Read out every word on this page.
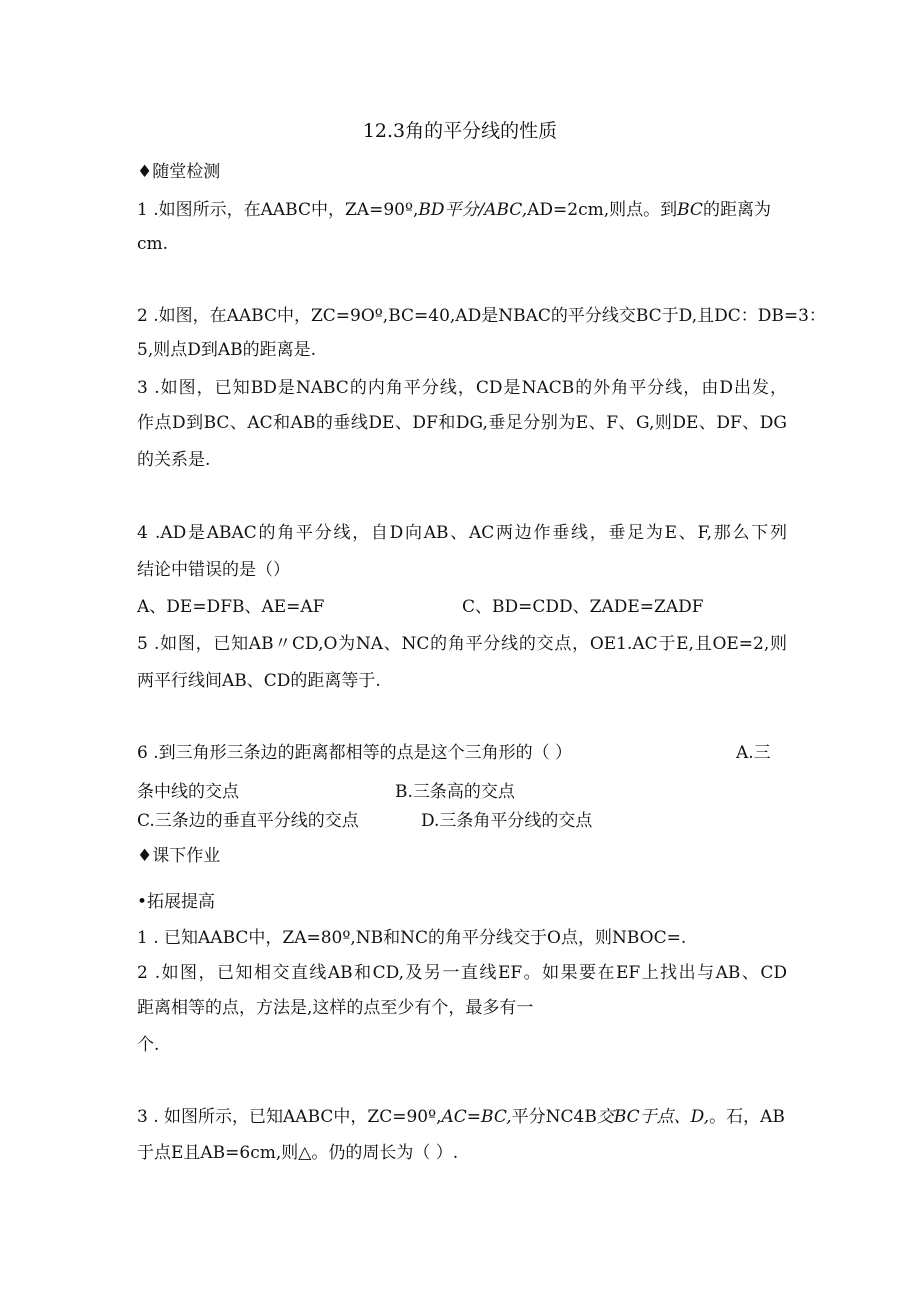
12.3角的平分线的性质
♦随堂检测
1 .如图所示，在AABC中，ZA=90º,BD平分/ABC,AD=2cm,则点。到BC的距离为
cm.
2 .如图，在AABC中，ZC=9Oº,BC=40,AD是NBAC的平分线交BC于D,且DC：DB=3：
5,则点D到AB的距离是.
3 .如图，已知BD是NABC的内角平分线，CD是NACB的外角平分线，由D出发，
作点D到BC、AC和AB的垂线DE、DF和DG,垂足分别为E、F、G,则DE、DF、DG
的关系是.
4 .AD是ABAC的角平分线，自D向AB、AC两边作垂线，垂足为E、F,那么下列
结论中错误的是（）
A、DE=DFB、AE=AF	C、BD=CDD、ZADE=ZADF
5 .如图，已知AB〃CD,O为NA、NC的角平分线的交点，OE1.AC于E,且OE=2,则
两平行线间AB、CD的距离等于.
6 .到三角形三条边的距离都相等的点是这个三角形的（ ）	A.三
条中线的交点	B.三条高的交点
C.三条边的垂直平分线的交点	D.三条角平分线的交点
♦课下作业
•拓展提高
1 . 已知AABC中，ZA=80º,NB和NC的角平分线交于O点，则NBOC=.
2 .如图，已知相交直线AB和CD,及另一直线EF。如果要在EF上找出与AB、CD
距离相等的点，方法是,这样的点至少有个，最多有一
个.
3 . 如图所示，已知AABC中，ZC=90º,AC=BC,平分NC4B交BC于点、D,。石，AB
于点E且AB=6cm,则△。仍的周长为（ ）.
